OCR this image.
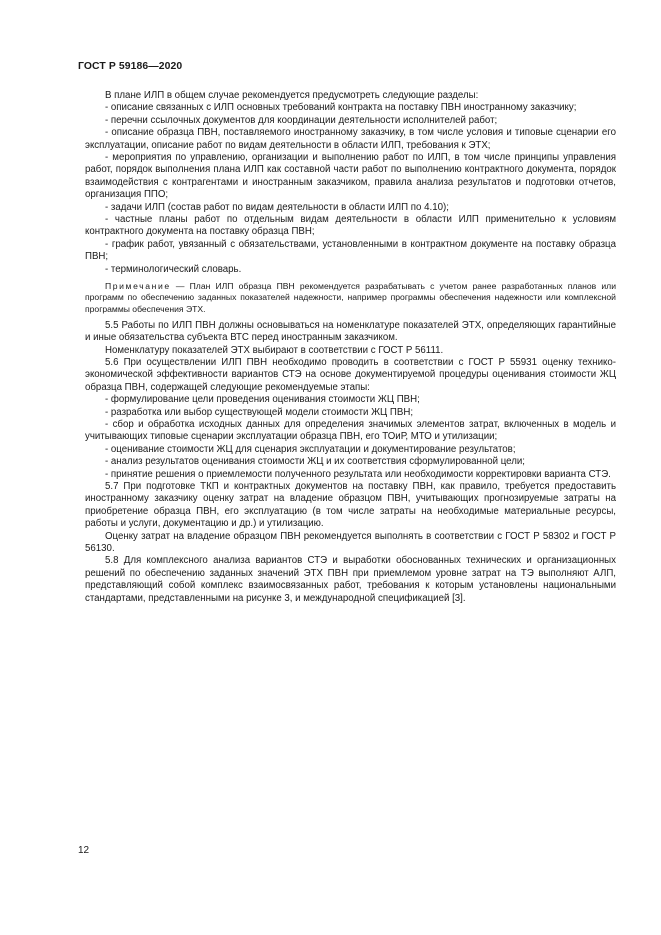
ГОСТ Р 59186—2020

В плане ИЛП в общем случае рекомендуется предусмотреть следующие разделы:

- описание связанных с ИЛП основных требований контракта на поставку ПВН иностранному заказчику;

- перечни ссылочных документов для координации деятельности исполнителей работ;

- описание образца ПВН, поставляемого иностранному заказчику, в том числе условия и типовые сценарии его эксплуатации, описание работ по видам деятельности в области ИЛП, требования к ЭТХ;

- мероприятия по управлению, организации и выполнению работ по ИЛП, в том числе принципы управления работ, порядок выполнения плана ИЛП как составной части работ по выполнению контрактного документа, порядок взаимодействия с контрагентами и иностранным заказчиком, правила анализа результатов и подготовки отчетов, организация ППО;

- задачи ИЛП (состав работ по видам деятельности в области ИЛП по 4.10);

- частные планы работ по отдельным видам деятельности в области ИЛП применительно к условиям контрактного документа на поставку образца ПВН;

- график работ, увязанный с обязательствами, установленными в контрактном документе на поставку образца ПВН;

- терминологический словарь.

Примечание — План ИЛП образца ПВН рекомендуется разрабатывать с учетом ранее разработанных планов или программ по обеспечению заданных показателей надежности, например программы обеспечения надежности или комплексной программы обеспечения ЭТХ.

5.5 Работы по ИЛП ПВН должны основываться на номенклатуре показателей ЭТХ, определяющих гарантийные и иные обязательства субъекта ВТС перед иностранным заказчиком.

Номенклатуру показателей ЭТХ выбирают в соответствии с ГОСТ Р 56111.

5.6 При осуществлении ИЛП ПВН необходимо проводить в соответствии с ГОСТ Р 55931 оценку технико-экономической эффективности вариантов СТЭ на основе документируемой процедуры оценивания стоимости ЖЦ образца ПВН, содержащей следующие рекомендуемые этапы:

- формулирование цели проведения оценивания стоимости ЖЦ ПВН;

- разработка или выбор существующей модели стоимости ЖЦ ПВН;

- сбор и обработка исходных данных для определения значимых элементов затрат, включенных в модель и учитывающих типовые сценарии эксплуатации образца ПВН, его ТОиР, МТО и утилизации;

- оценивание стоимости ЖЦ для сценария эксплуатации и документирование результатов;

- анализ результатов оценивания стоимости ЖЦ и их соответствия сформулированной цели;

- принятие решения о приемлемости полученного результата или необходимости корректировки варианта СТЭ.

5.7 При подготовке ТКП и контрактных документов на поставку ПВН, как правило, требуется предоставить иностранному заказчику оценку затрат на владение образцом ПВН, учитывающих прогнозируемые затраты на приобретение образца ПВН, его эксплуатацию (в том числе затраты на необходимые материальные ресурсы, работы и услуги, документацию и др.) и утилизацию.

Оценку затрат на владение образцом ПВН рекомендуется выполнять в соответствии с ГОСТ Р 58302 и ГОСТ Р 56130.

5.8 Для комплексного анализа вариантов СТЭ и выработки обоснованных технических и организационных решений по обеспечению заданных значений ЭТХ ПВН при приемлемом уровне затрат на ТЭ выполняют АЛП, представляющий собой комплекс взаимосвязанных работ, требования к которым установлены национальными стандартами, представленными на рисунке 3, и международной спецификацией [3].

12
